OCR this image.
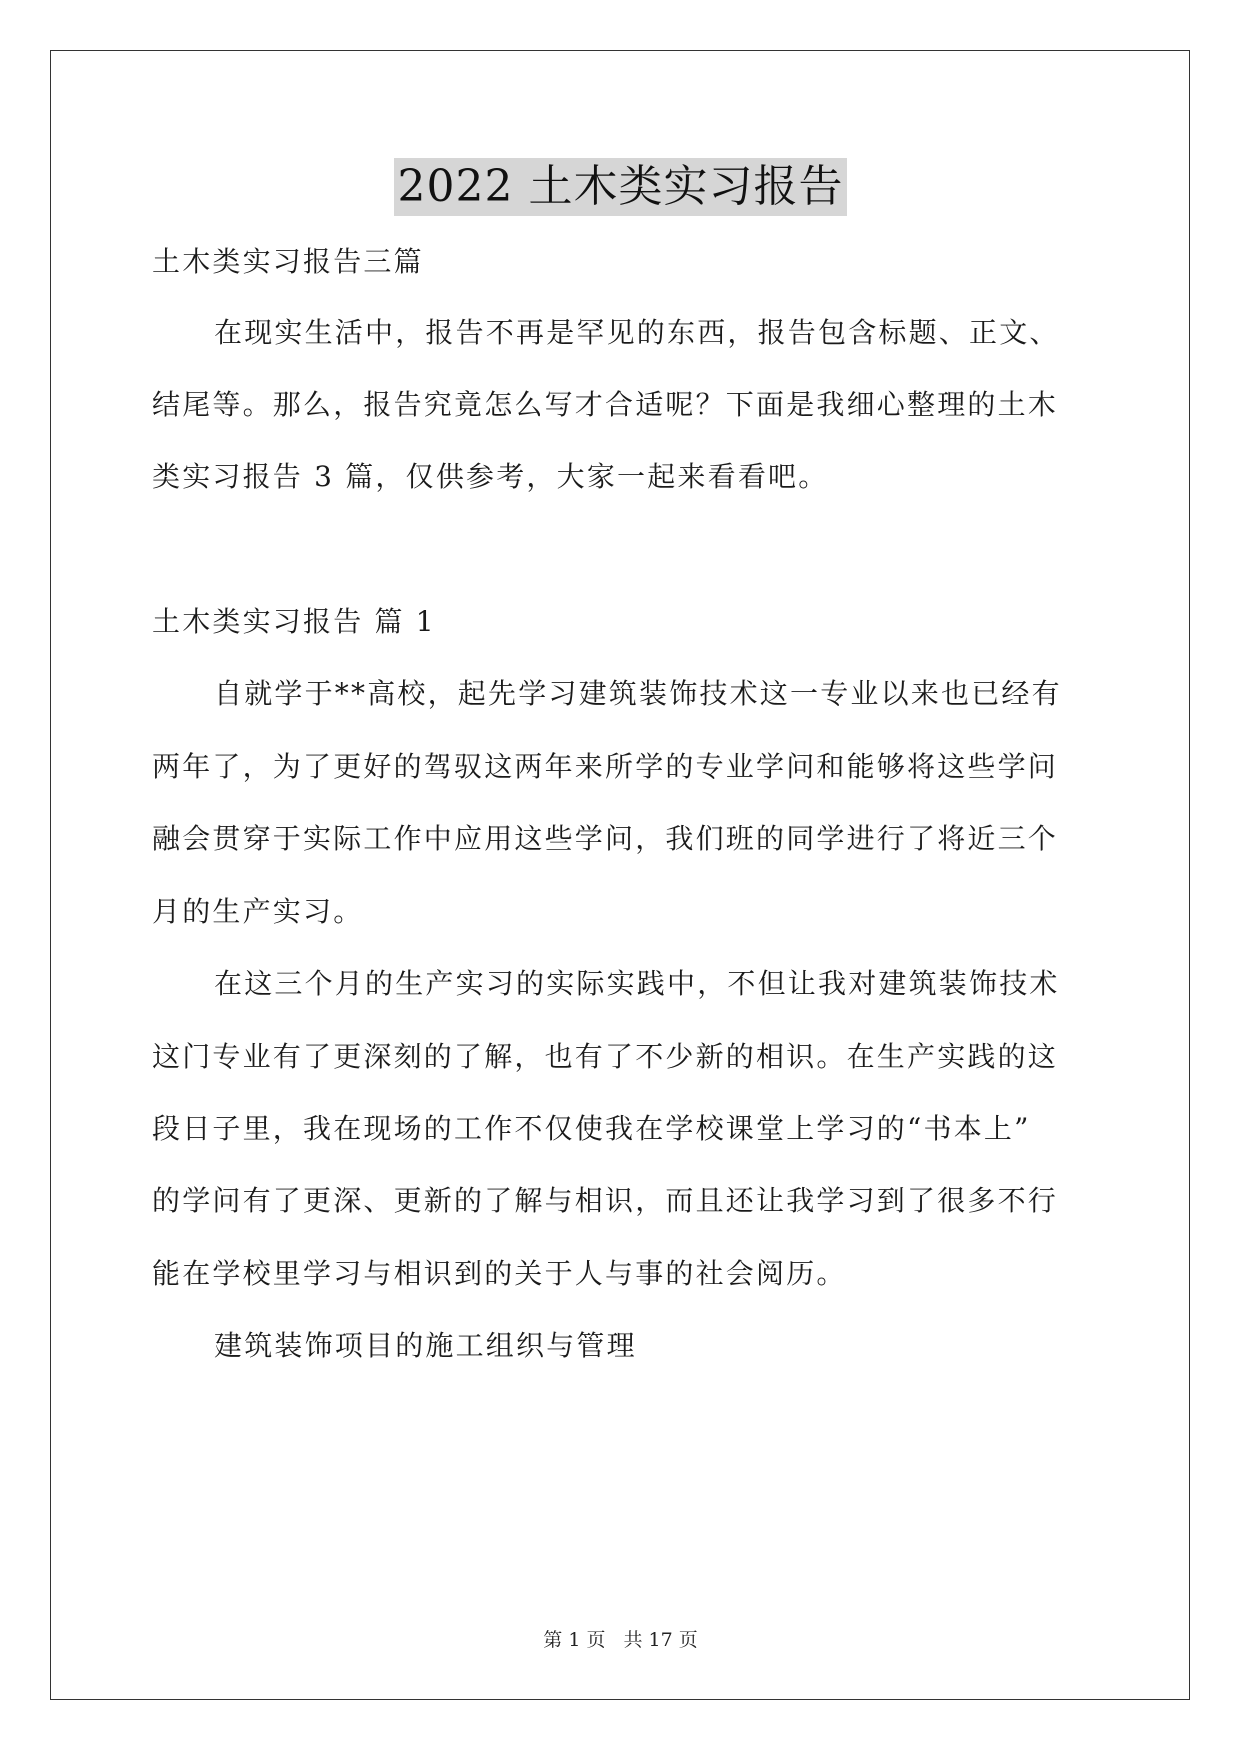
2022 土木类实习报告
土木类实习报告三篇
在现实生活中，报告不再是罕见的东西，报告包含标题、正文、
结尾等。那么，报告究竟怎么写才合适呢？下面是我细心整理的土木
类实习报告 3 篇，仅供参考，大家一起来看看吧。
土木类实习报告 篇 1
自就学于**高校，起先学习建筑装饰技术这一专业以来也已经有
两年了，为了更好的驾驭这两年来所学的专业学问和能够将这些学问
融会贯穿于实际工作中应用这些学问，我们班的同学进行了将近三个
月的生产实习。
在这三个月的生产实习的实际实践中，不但让我对建筑装饰技术
这门专业有了更深刻的了解，也有了不少新的相识。在生产实践的这
段日子里，我在现场的工作不仅使我在学校课堂上学习的“书本上”
的学问有了更深、更新的了解与相识，而且还让我学习到了很多不行
能在学校里学习与相识到的关于人与事的社会阅历。
建筑装饰项目的施工组织与管理
第 1 页 共 17 页
